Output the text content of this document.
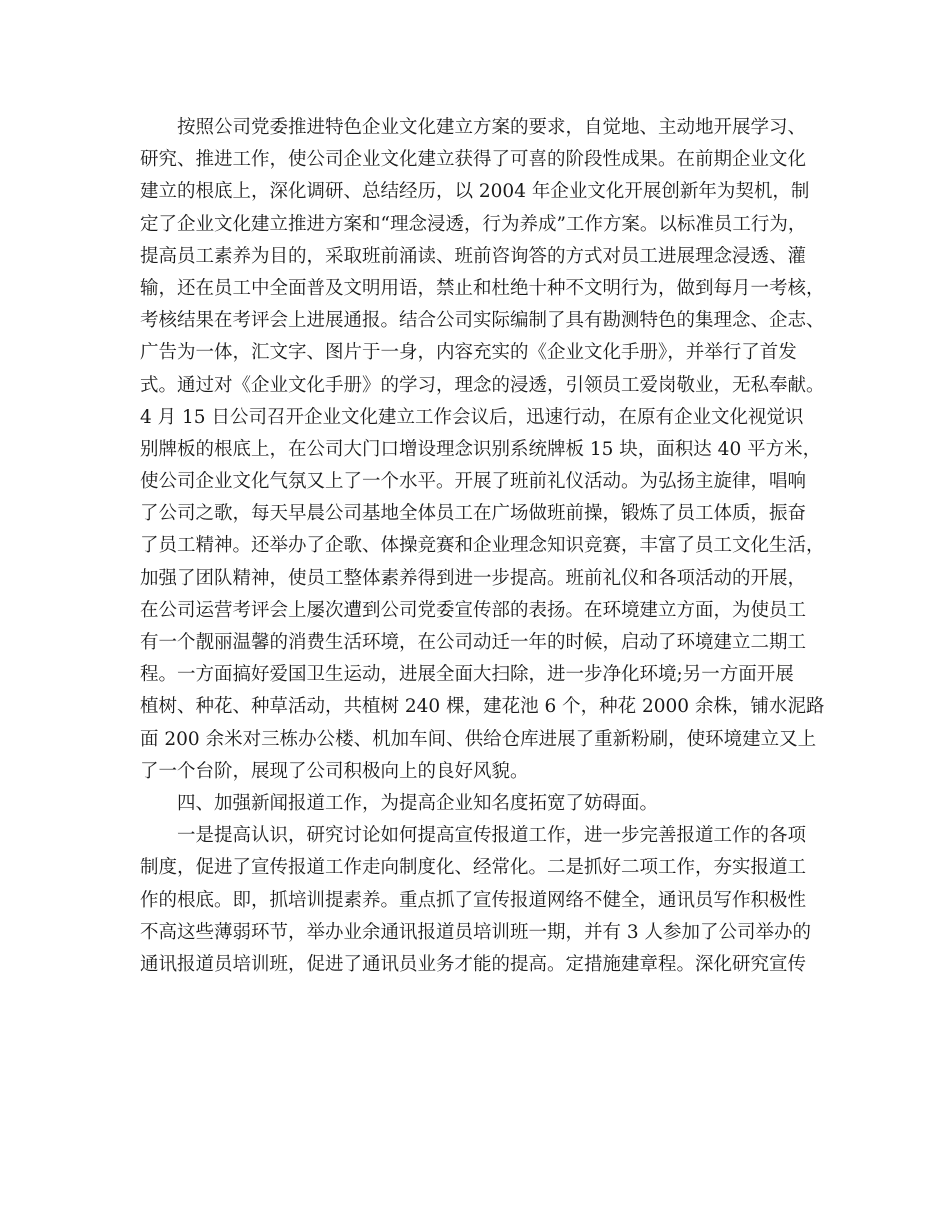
按照公司党委推进特色企业文化建立方案的要求，自觉地、主动地开展学习、
研究、推进工作，使公司企业文化建立获得了可喜的阶段性成果。在前期企业文化
建立的根底上，深化调研、总结经历，以 2004 年企业文化开展创新年为契机，制
定了企业文化建立推进方案和“理念浸透，行为养成”工作方案。以标准员工行为，
提高员工素养为目的，采取班前涌读、班前咨询答的方式对员工进展理念浸透、灌
输，还在员工中全面普及文明用语，禁止和杜绝十种不文明行为，做到每月一考核，
考核结果在考评会上进展通报。结合公司实际编制了具有勘测特色的集理念、企志、
广告为一体，汇文字、图片于一身，内容充实的《企业文化手册》，并举行了首发
式。通过对《企业文化手册》的学习，理念的浸透，引领员工爱岗敬业，无私奉献。
4 月 15 日公司召开企业文化建立工作会议后，迅速行动，在原有企业文化视觉识
别牌板的根底上，在公司大门口增设理念识别系统牌板 15 块，面积达 40 平方米，
使公司企业文化气氛又上了一个水平。开展了班前礼仪活动。为弘扬主旋律，唱响
了公司之歌，每天早晨公司基地全体员工在广场做班前操，锻炼了员工体质，振奋
了员工精神。还举办了企歌、体操竞赛和企业理念知识竞赛，丰富了员工文化生活，
加强了团队精神，使员工整体素养得到进一步提高。班前礼仪和各项活动的开展，
在公司运营考评会上屡次遭到公司党委宣传部的表扬。在环境建立方面，为使员工
有一个靓丽温馨的消费生活环境，在公司动迁一年的时候，启动了环境建立二期工
程。一方面搞好爱国卫生运动，进展全面大扫除，进一步净化环境;另一方面开展
植树、种花、种草活动，共植树 240 棵，建花池 6 个，种花 2000 余株，铺水泥路
面 200 余米对三栋办公楼、机加车间、供给仓库进展了重新粉刷，使环境建立又上
了一个台阶，展现了公司积极向上的良好风貌。
四、加强新闻报道工作，为提高企业知名度拓宽了妨碍面。
一是提高认识，研究讨论如何提高宣传报道工作，进一步完善报道工作的各项
制度，促进了宣传报道工作走向制度化、经常化。二是抓好二项工作，夯实报道工
作的根底。即，抓培训提素养。重点抓了宣传报道网络不健全，通讯员写作积极性
不高这些薄弱环节，举办业余通讯报道员培训班一期，并有 3 人参加了公司举办的
通讯报道员培训班，促进了通讯员业务才能的提高。定措施建章程。深化研究宣传
